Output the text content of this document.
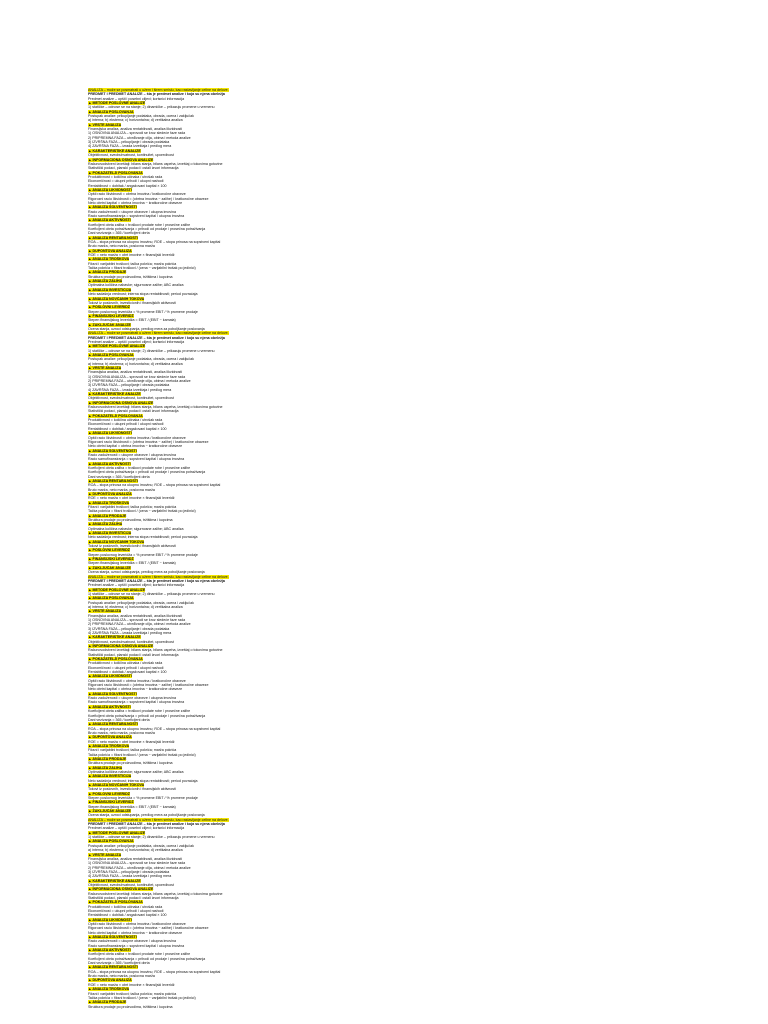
ANALIZA – može se posmatrati u užem i širem smislu, kao rastavljanje celine na delove.
PREDMET I PREDMET ANALIZE – šta je predmet analize i koja su njena obeležja
Predmet analize – opšti i posebni ciljevi; korisnici informacija
▲ METODE POSLOVNE ANALIZE
1) statičke – odnose se na stanje; 2) dinamičke – prikazuju promene u vremenu
▲ ANALIZA POSLOVANJA
Postupak analize: prikupljanje podataka, obrada, ocena i zaključak
a) interna; b) eksterna; c) horizontalna; d) vertikalna analiza
▲ VRSTE ANALIZA
Finansijska analiza, analiza rentabilnosti, analiza likvidnosti
1) OSNOVNA ANALIZA – sprovodi se kroz sledeće faze rada
2) PRIPREMNA FAZA – utvrđivanje cilja, obima i metoda analize
3) IZVRŠNA FAZA – prikupljanje i obrada podataka
4) ZAVRŠNA FAZA – izrada izveštaja i predlog mera
▲ KARAKTERISTIKE ANALIZE
Objektivnost, sveobuhvatnost, kontinuitet, uporedivost
▲ INFORMACIONA OSNOVA ANALIZE
Računovodstveni izveštaji: bilans stanja, bilans uspeha, izveštaj o tokovima gotovine
Statistički podaci, planski podaci i ostali izvori informacija
▲ POKAZATELJI POSLOVANJA
Produktivnost = količina učinaka / utrošak rada
Ekonomičnost = ukupni prihodi / ukupni rashodi
Rentabilnost = dobitak / angažovani kapital × 100
▲ ANALIZA LIKVIDNOSTI
Opšti racio likvidnosti = obrtna imovina / kratkoročne obaveze
Rigorozni racio likvidnosti = (obrtna imovina − zalihe) / kratkoročne obaveze
Neto obrtni kapital = obrtna imovina − kratkoročne obaveze
▲ ANALIZA SOLVENTNOSTI
Racio zaduženosti = ukupne obaveze / ukupna imovina
Racio samofinansiranja = sopstveni kapital / ukupna imovina
▲ ANALIZA AKTIVNOSTI
Koeficijent obrta zaliha = troškovi prodate robe / prosečne zalihe
Koeficijent obrta potraživanja = prihodi od prodaje / prosečna potraživanja
Dani vezivanja = 365 / koeficijent obrta
▲ ANALIZA RENTABILNOSTI
ROA – stopa prinosa na ukupnu imovinu; ROE – stopa prinosa na sopstveni kapital
Bruto marža, neto marža, poslovna marža
▲ DUPONTOVA ANALIZA
ROE = neto marža × obrt imovine × finansijski leveridž
▲ ANALIZA TROŠKOVA
Fiksni i varijabilni troškovi; tačka pokrića; marža pokrića
Tačka pokrića = fiksni troškovi / (cena − varijabilni trošak po jedinici)
▲ ANALIZA PRODAJE
Struktura prodaje po proizvodima, tržištima i kupcima
▲ ANALIZA ZALIHA
Optimalna količina nabavke; sigurnosne zalihe; ABC analiza
▲ ANALIZA INVESTICIJA
Neto sadašnja vrednost; interna stopa rentabilnosti; period povraćaja
▲ ANALIZA NOVČANIH TOKOVA
Tokovi iz poslovnih, investicionih i finansijskih aktivnosti
▲ POSLOVNI LEVERIDŽ
Stepen poslovnog leveridža = % promene EBIT / % promene prodaje
▲ FINANSIJSKI LEVERIDŽ
Stepen finansijskog leveridža = EBIT / (EBIT − kamata)
▲ ZAKLJUČAK ANALIZE
Ocena stanja, uzroci odstupanja, predlog mera za poboljšanje poslovanja
ANALIZA – može se posmatrati u užem i širem smislu, kao rastavljanje celine na delove.
PREDMET I PREDMET ANALIZE – šta je predmet analize i koja su njena obeležja
Predmet analize – opšti i posebni ciljevi; korisnici informacija
▲ METODE POSLOVNE ANALIZE
1) statičke – odnose se na stanje; 2) dinamičke – prikazuju promene u vremenu
▲ ANALIZA POSLOVANJA
Postupak analize: prikupljanje podataka, obrada, ocena i zaključak
a) interna; b) eksterna; c) horizontalna; d) vertikalna analiza
▲ VRSTE ANALIZA
Finansijska analiza, analiza rentabilnosti, analiza likvidnosti
1) OSNOVNA ANALIZA – sprovodi se kroz sledeće faze rada
2) PRIPREMNA FAZA – utvrđivanje cilja, obima i metoda analize
3) IZVRŠNA FAZA – prikupljanje i obrada podataka
4) ZAVRŠNA FAZA – izrada izveštaja i predlog mera
▲ KARAKTERISTIKE ANALIZE
Objektivnost, sveobuhvatnost, kontinuitet, uporedivost
▲ INFORMACIONA OSNOVA ANALIZE
Računovodstveni izveštaji: bilans stanja, bilans uspeha, izveštaj o tokovima gotovine
Statistički podaci, planski podaci i ostali izvori informacija
▲ POKAZATELJI POSLOVANJA
Produktivnost = količina učinaka / utrošak rada
Ekonomičnost = ukupni prihodi / ukupni rashodi
Rentabilnost = dobitak / angažovani kapital × 100
▲ ANALIZA LIKVIDNOSTI
Opšti racio likvidnosti = obrtna imovina / kratkoročne obaveze
Rigorozni racio likvidnosti = (obrtna imovina − zalihe) / kratkoročne obaveze
Neto obrtni kapital = obrtna imovina − kratkoročne obaveze
▲ ANALIZA SOLVENTNOSTI
Racio zaduženosti = ukupne obaveze / ukupna imovina
Racio samofinansiranja = sopstveni kapital / ukupna imovina
▲ ANALIZA AKTIVNOSTI
Koeficijent obrta zaliha = troškovi prodate robe / prosečne zalihe
Koeficijent obrta potraživanja = prihodi od prodaje / prosečna potraživanja
Dani vezivanja = 365 / koeficijent obrta
▲ ANALIZA RENTABILNOSTI
ROA – stopa prinosa na ukupnu imovinu; ROE – stopa prinosa na sopstveni kapital
Bruto marža, neto marža, poslovna marža
▲ DUPONTOVA ANALIZA
ROE = neto marža × obrt imovine × finansijski leveridž
▲ ANALIZA TROŠKOVA
Fiksni i varijabilni troškovi; tačka pokrića; marža pokrića
Tačka pokrića = fiksni troškovi / (cena − varijabilni trošak po jedinici)
▲ ANALIZA PRODAJE
Struktura prodaje po proizvodima, tržištima i kupcima
▲ ANALIZA ZALIHA
Optimalna količina nabavke; sigurnosne zalihe; ABC analiza
▲ ANALIZA INVESTICIJA
Neto sadašnja vrednost; interna stopa rentabilnosti; period povraćaja
▲ ANALIZA NOVČANIH TOKOVA
Tokovi iz poslovnih, investicionih i finansijskih aktivnosti
▲ POSLOVNI LEVERIDŽ
Stepen poslovnog leveridža = % promene EBIT / % promene prodaje
▲ FINANSIJSKI LEVERIDŽ
Stepen finansijskog leveridža = EBIT / (EBIT − kamata)
▲ ZAKLJUČAK ANALIZE
Ocena stanja, uzroci odstupanja, predlog mera za poboljšanje poslovanja
ANALIZA – može se posmatrati u užem i širem smislu, kao rastavljanje celine na delove.
PREDMET I PREDMET ANALIZE – šta je predmet analize i koja su njena obeležja
Predmet analize – opšti i posebni ciljevi; korisnici informacija
▲ METODE POSLOVNE ANALIZE
1) statičke – odnose se na stanje; 2) dinamičke – prikazuju promene u vremenu
▲ ANALIZA POSLOVANJA
Postupak analize: prikupljanje podataka, obrada, ocena i zaključak
a) interna; b) eksterna; c) horizontalna; d) vertikalna analiza
▲ VRSTE ANALIZA
Finansijska analiza, analiza rentabilnosti, analiza likvidnosti
1) OSNOVNA ANALIZA – sprovodi se kroz sledeće faze rada
2) PRIPREMNA FAZA – utvrđivanje cilja, obima i metoda analize
3) IZVRŠNA FAZA – prikupljanje i obrada podataka
4) ZAVRŠNA FAZA – izrada izveštaja i predlog mera
▲ KARAKTERISTIKE ANALIZE
Objektivnost, sveobuhvatnost, kontinuitet, uporedivost
▲ INFORMACIONA OSNOVA ANALIZE
Računovodstveni izveštaji: bilans stanja, bilans uspeha, izveštaj o tokovima gotovine
Statistički podaci, planski podaci i ostali izvori informacija
▲ POKAZATELJI POSLOVANJA
Produktivnost = količina učinaka / utrošak rada
Ekonomičnost = ukupni prihodi / ukupni rashodi
Rentabilnost = dobitak / angažovani kapital × 100
▲ ANALIZA LIKVIDNOSTI
Opšti racio likvidnosti = obrtna imovina / kratkoročne obaveze
Rigorozni racio likvidnosti = (obrtna imovina − zalihe) / kratkoročne obaveze
Neto obrtni kapital = obrtna imovina − kratkoročne obaveze
▲ ANALIZA SOLVENTNOSTI
Racio zaduženosti = ukupne obaveze / ukupna imovina
Racio samofinansiranja = sopstveni kapital / ukupna imovina
▲ ANALIZA AKTIVNOSTI
Koeficijent obrta zaliha = troškovi prodate robe / prosečne zalihe
Koeficijent obrta potraživanja = prihodi od prodaje / prosečna potraživanja
Dani vezivanja = 365 / koeficijent obrta
▲ ANALIZA RENTABILNOSTI
ROA – stopa prinosa na ukupnu imovinu; ROE – stopa prinosa na sopstveni kapital
Bruto marža, neto marža, poslovna marža
▲ DUPONTOVA ANALIZA
ROE = neto marža × obrt imovine × finansijski leveridž
▲ ANALIZA TROŠKOVA
Fiksni i varijabilni troškovi; tačka pokrića; marža pokrića
Tačka pokrića = fiksni troškovi / (cena − varijabilni trošak po jedinici)
▲ ANALIZA PRODAJE
Struktura prodaje po proizvodima, tržištima i kupcima
▲ ANALIZA ZALIHA
Optimalna količina nabavke; sigurnosne zalihe; ABC analiza
▲ ANALIZA INVESTICIJA
Neto sadašnja vrednost; interna stopa rentabilnosti; period povraćaja
▲ ANALIZA NOVČANIH TOKOVA
Tokovi iz poslovnih, investicionih i finansijskih aktivnosti
▲ POSLOVNI LEVERIDŽ
Stepen poslovnog leveridža = % promene EBIT / % promene prodaje
▲ FINANSIJSKI LEVERIDŽ
Stepen finansijskog leveridža = EBIT / (EBIT − kamata)
▲ ZAKLJUČAK ANALIZE
Ocena stanja, uzroci odstupanja, predlog mera za poboljšanje poslovanja
ANALIZA – može se posmatrati u užem i širem smislu, kao rastavljanje celine na delove.
PREDMET I PREDMET ANALIZE – šta je predmet analize i koja su njena obeležja
Predmet analize – opšti i posebni ciljevi; korisnici informacija
▲ METODE POSLOVNE ANALIZE
1) statičke – odnose se na stanje; 2) dinamičke – prikazuju promene u vremenu
▲ ANALIZA POSLOVANJA
Postupak analize: prikupljanje podataka, obrada, ocena i zaključak
a) interna; b) eksterna; c) horizontalna; d) vertikalna analiza
▲ VRSTE ANALIZA
Finansijska analiza, analiza rentabilnosti, analiza likvidnosti
1) OSNOVNA ANALIZA – sprovodi se kroz sledeće faze rada
2) PRIPREMNA FAZA – utvrđivanje cilja, obima i metoda analize
3) IZVRŠNA FAZA – prikupljanje i obrada podataka
4) ZAVRŠNA FAZA – izrada izveštaja i predlog mera
▲ KARAKTERISTIKE ANALIZE
Objektivnost, sveobuhvatnost, kontinuitet, uporedivost
▲ INFORMACIONA OSNOVA ANALIZE
Računovodstveni izveštaji: bilans stanja, bilans uspeha, izveštaj o tokovima gotovine
Statistički podaci, planski podaci i ostali izvori informacija
▲ POKAZATELJI POSLOVANJA
Produktivnost = količina učinaka / utrošak rada
Ekonomičnost = ukupni prihodi / ukupni rashodi
Rentabilnost = dobitak / angažovani kapital × 100
▲ ANALIZA LIKVIDNOSTI
Opšti racio likvidnosti = obrtna imovina / kratkoročne obaveze
Rigorozni racio likvidnosti = (obrtna imovina − zalihe) / kratkoročne obaveze
Neto obrtni kapital = obrtna imovina − kratkoročne obaveze
▲ ANALIZA SOLVENTNOSTI
Racio zaduženosti = ukupne obaveze / ukupna imovina
Racio samofinansiranja = sopstveni kapital / ukupna imovina
▲ ANALIZA AKTIVNOSTI
Koeficijent obrta zaliha = troškovi prodate robe / prosečne zalihe
Koeficijent obrta potraživanja = prihodi od prodaje / prosečna potraživanja
Dani vezivanja = 365 / koeficijent obrta
▲ ANALIZA RENTABILNOSTI
ROA – stopa prinosa na ukupnu imovinu; ROE – stopa prinosa na sopstveni kapital
Bruto marža, neto marža, poslovna marža
▲ DUPONTOVA ANALIZA
ROE = neto marža × obrt imovine × finansijski leveridž
▲ ANALIZA TROŠKOVA
Fiksni i varijabilni troškovi; tačka pokrića; marža pokrića
Tačka pokrića = fiksni troškovi / (cena − varijabilni trošak po jedinici)
▲ ANALIZA PRODAJE
Struktura prodaje po proizvodima, tržištima i kupcima
